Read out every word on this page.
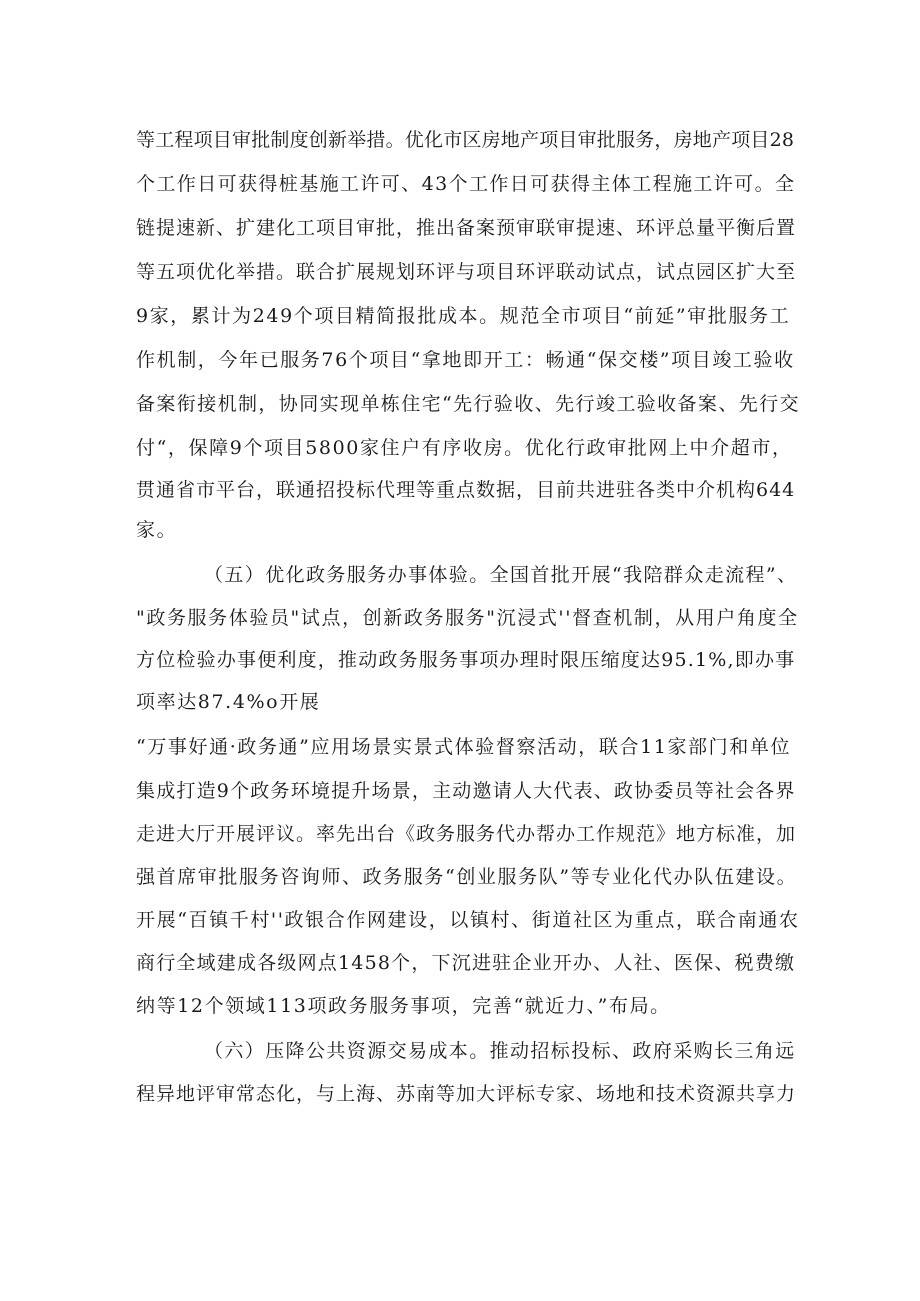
等工程项目审批制度创新举措。优化市区房地产项目审批服务，房地产项目28

个工作日可获得桩基施工许可、43个工作日可获得主体工程施工许可。全

链提速新、扩建化工项目审批，推出备案预审联审提速、环评总量平衡后置

等五项优化举措。联合扩展规划环评与项目环评联动试点，试点园区扩大至

9家，累计为249个项目精简报批成本。规范全市项目“前延”审批服务工

作机制，今年已服务76个项目“拿地即开工：畅通“保交楼”项目竣工验收

备案衔接机制，协同实现单栋住宅“先行验收、先行竣工验收备案、先行交

付“，保障9个项目5800家住户有序收房。优化行政审批网上中介超市，

贯通省市平台，联通招投标代理等重点数据，目前共进驻各类中介机构644

家。

（五）优化政务服务办事体验。全国首批开展“我陪群众走流程”、

"政务服务体验员"试点，创新政务服务"沉浸式''督查机制，从用户角度全

方位检验办事便利度，推动政务服务事项办理时限压缩度达95.1%,即办事

项率达87.4%o开展

“万事好通·政务通”应用场景实景式体验督察活动，联合11家部门和单位

集成打造9个政务环境提升场景，主动邀请人大代表、政协委员等社会各界

走进大厅开展评议。率先出台《政务服务代办帮办工作规范》地方标准，加

强首席审批服务咨询师、政务服务“创业服务队”等专业化代办队伍建设。

开展“百镇千村''政银合作网建设，以镇村、街道社区为重点，联合南通农

商行全域建成各级网点1458个，下沉进驻企业开办、人社、医保、税费缴

纳等12个领域113项政务服务事项，完善“就近力、”布局。

（六）压降公共资源交易成本。推动招标投标、政府采购长三角远

程异地评审常态化，与上海、苏南等加大评标专家、场地和技术资源共享力
